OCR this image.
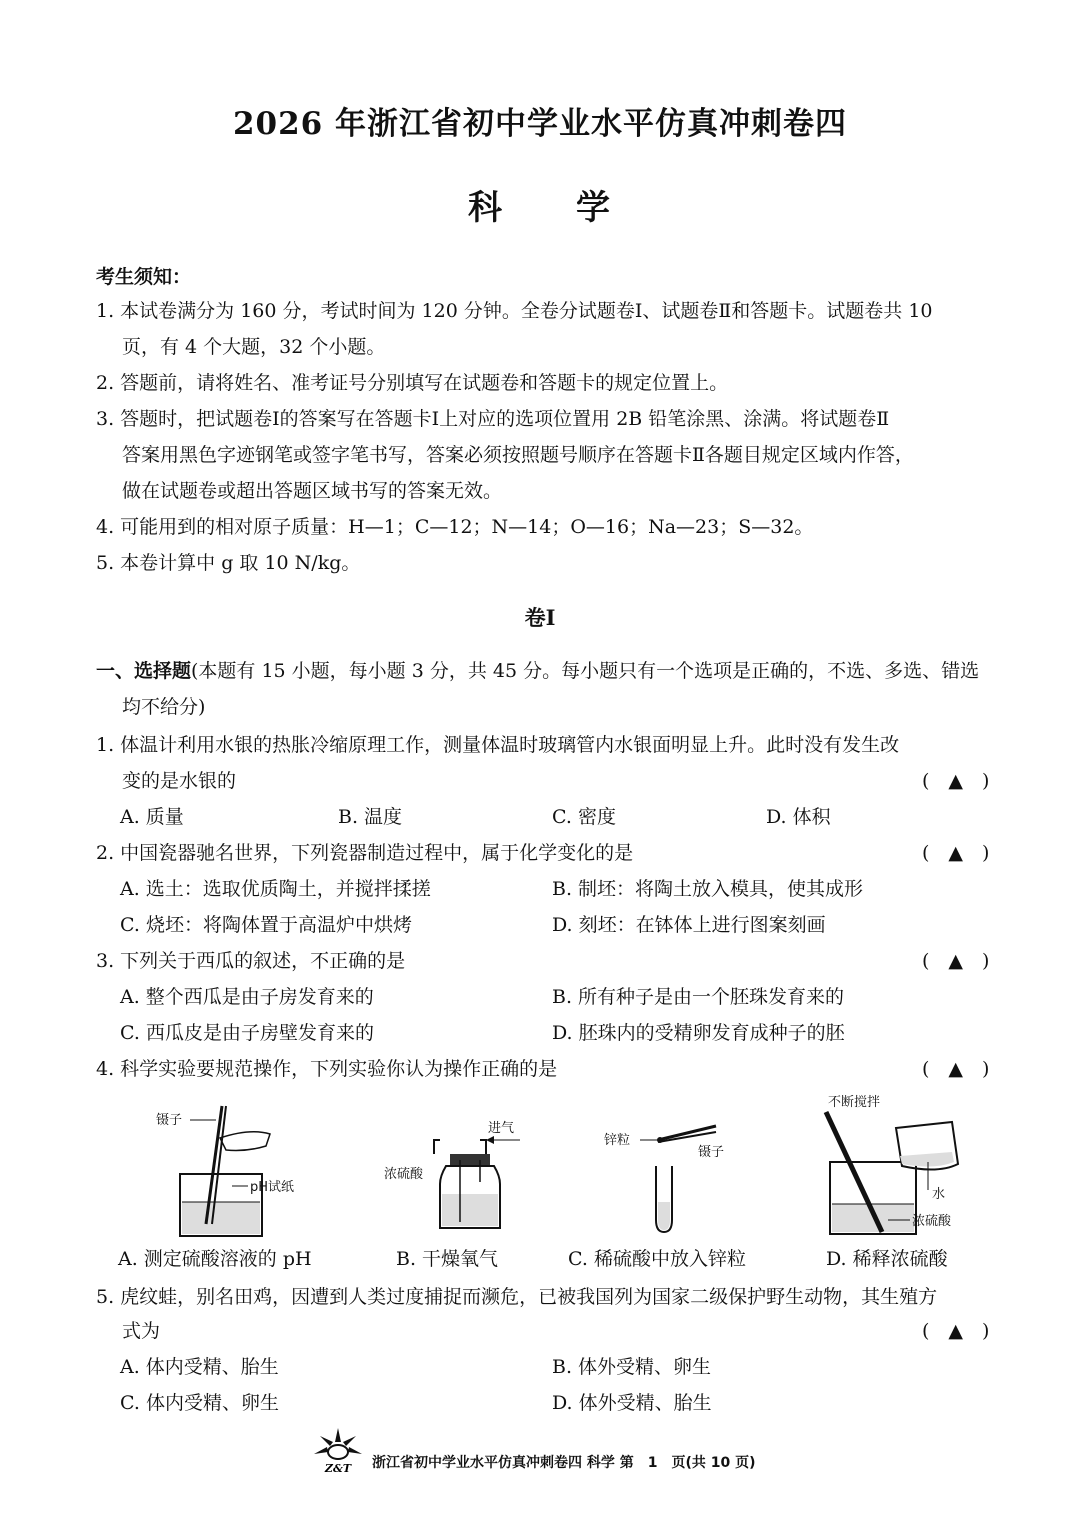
2026 年浙江省初中学业水平仿真冲刺卷四
科　　学
考生须知：
1. 本试卷满分为 160 分，考试时间为 120 分钟。全卷分试题卷Ⅰ、试题卷Ⅱ和答题卡。试题卷共 10
页，有 4 个大题，32 个小题。
2. 答题前，请将姓名、准考证号分别填写在试题卷和答题卡的规定位置上。
3. 答题时，把试题卷Ⅰ的答案写在答题卡Ⅰ上对应的选项位置用 2B 铅笔涂黑、涂满。将试题卷Ⅱ
答案用黑色字迹钢笔或签字笔书写，答案必须按照题号顺序在答题卡Ⅱ各题目规定区域内作答，
做在试题卷或超出答题区域书写的答案无效。
4. 可能用到的相对原子质量：H—1；C—12；N—14；O—16；Na—23；S—32。
5. 本卷计算中 g 取 10 N/kg。
卷Ⅰ
一、选择题(本题有 15 小题，每小题 3 分，共 45 分。每小题只有一个选项是正确的，不选、多选、错选
均不给分)
1. 体温计利用水银的热胀冷缩原理工作，测量体温时玻璃管内水银面明显上升。此时没有发生改
变的是水银的	(　▲　)
A. 质量	B. 温度	C. 密度	D. 体积
2. 中国瓷器驰名世界，下列瓷器制造过程中，属于化学变化的是	(　▲　)
A. 选土：选取优质陶土，并搅拌揉搓	B. 制坯：将陶土放入模具，使其成形
C. 烧坯：将陶体置于高温炉中烘烤	D. 刻坯：在钵体上进行图案刻画
3. 下列关于西瓜的叙述，不正确的是	(　▲　)
A. 整个西瓜是由子房发育来的	B. 所有种子是由一个胚珠发育来的
C. 西瓜皮是由子房壁发育来的	D. 胚珠内的受精卵发育成种子的胚
4. 科学实验要规范操作，下列实验你认为操作正确的是	(　▲　)
镊子
pH试纸
进气
浓硫酸
锌粒
镊子
不断搅拌
水
浓硫酸
A. 测定硫酸溶液的 pH	B. 干燥氧气	C. 稀硫酸中放入锌粒	D. 稀释浓硫酸
5. 虎纹蛙，别名田鸡，因遭到人类过度捕捉而濒危，已被我国列为国家二级保护野生动物，其生殖方
式为	(　▲　)
A. 体内受精、胎生	B. 体外受精、卵生
C. 体内受精、卵生	D. 体外受精、胎生
Z&T 浙江省初中学业水平仿真冲刺卷四 科学 第　1　页(共 10 页)
